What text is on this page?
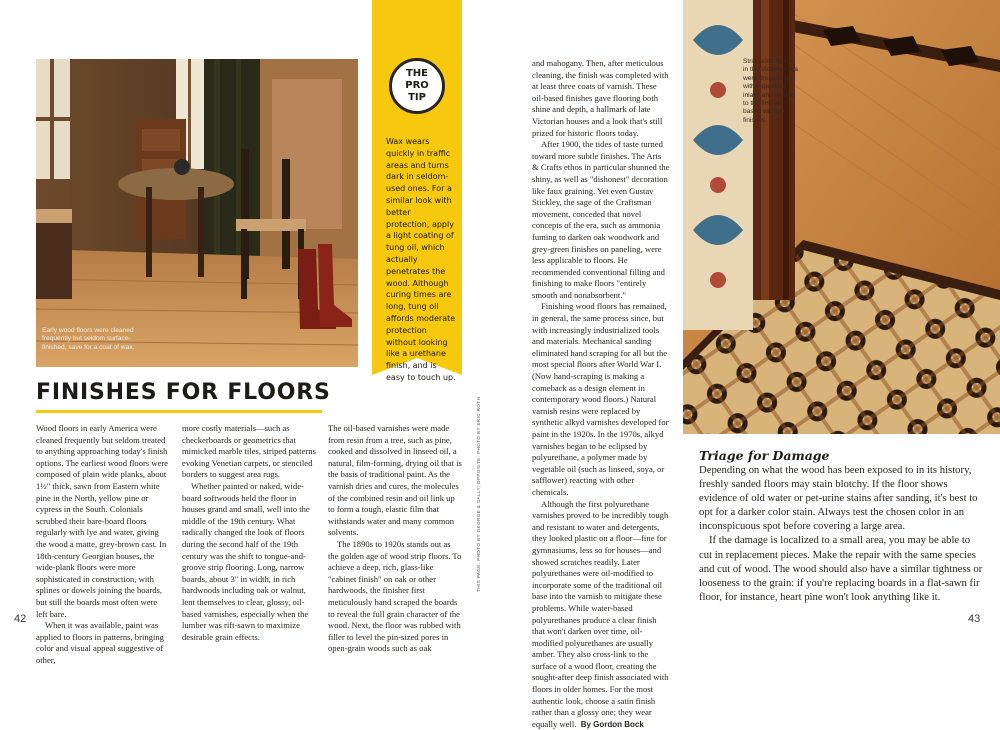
Early wood floors were cleaned frequently but seldom surface-finished, save for a coat of wax.
FINISHES FOR FLOORS

Wood floors in early America were cleaned frequently but seldom treated to anything approaching today's finish options. The earliest wood floors were composed of plain wide planks, about 1½" thick, sawn from Eastern white pine in the North, yellow pine or cypress in the South. Colonials scrubbed their bare-board floors regularly with lye and water, giving the wood a matte, grey-brown cast. In 18th-century Georgian houses, the wide-plank floors were more sophisticated in construction, with splines or dowels joining the boards, but still the boards most often were left bare.

When it was available, paint was applied to floors in patterns, bringing color and visual appeal suggestive of other,

more costly materials—such as checkerboards or geometrics that mimicked marble tiles, striped patterns evoking Venetian carpets, or stenciled borders to suggest area rugs.

Whether painted or naked, wide-board softwoods held the floor in houses grand and small, well into the middle of the 19th century. What radically changed the look of floors during the second half of the 19th century was the shift to tongue-and-groove strip flooring. Long, narrow boards, about 3" in width, in rich hardwoods including oak or walnut, lent themselves to clear, glossy, oil-based varnishes, especially when the lumber was rift-sawn to maximize desirable grain effects.

The oil-based varnishes were made from resin from a tree, such as pine, cooked and dissolved in linseed oil, a natural, film-forming, drying oil that is the basis of traditional paint. As the varnish dries and cures, the molecules of the combined resin and oil link up to form a tough, elastic film that withstands water and many common solvents.

The 1890s to 1920s stands out as the golden age of wood strip floors. To achieve a deep, rich, glass-like "cabinet finish" on oak or other hardwoods, the finisher first meticulously hand scraped the boards to reveal the full grain character of the wood. Next, the floor was rubbed with filler to level the pin-sized pores in open-grain woods such as oak

42
THE
PRO
TIP
Wax wears quickly in traffic areas and turns dark in seldom-used ones. For a similar look with better protection, apply a light coating of tung oil, which actually penetrates the wood. Although curing times are long, tung oil affords moderate protection without looking like a urethane finish, and is easy to touch up.
THIS PAGE: PHOTO BY GEORGE & SALLY; OPPOSITE: PHOTO BY ERIC ROTH

and mahogany. Then, after meticulous cleaning, the finish was completed with at least three coats of varnish. These oil-based finishes gave flooring both shine and depth, a hallmark of late Victorian houses and a look that's still prized for historic floors today.

After 1900, the tides of taste turned toward more subtle finishes. The Arts & Crafts ethos in particular shunned the shiny, as well as "dishonest" decoration like faux graining. Yet even Gustav Stickley, the sage of the Craftsman movement, conceded that novel concepts of the era, such as ammonia fuming to darken oak woodwork and grey-green finishes on paneling, were less applicable to floors. He recommended conventional filling and finishing to make floors "entirely smooth and nonabsorbent."

Finishing wood floors has remained, in general, the same process since, but with increasingly industrialized tools and materials. Mechanical sanding eliminated hand scraping for all but the most special floors after World War I. (Now hand-scraping is making a comeback as a design element in contemporary wood floors.) Natural varnish resins were replaced by synthetic alkyd varnishes developed for paint in the 1920s. In the 1970s, alkyd varnishes began to be eclipsed by polyurethane, a polymer made by vegetable oil (such as linseed, soya, or safflower) reacting with other chemicals.

Although the first polyurethane varnishes proved to be incredibly tough and resistant to water and detergents, they looked plastic on a floor—fine for gymnasiums, less so for houses—and showed scratches readily. Later polyurethanes were oil-modified to incorporate some of the traditional oil base into the varnish to mitigate these problems. While water-based polyurethanes produce a clear finish that won't darken over time, oil-modified polyurethanes are usually amber. They also cross-link to the surface of a wood floor, creating the sought-after deep finish associated with floors in older homes. For the most authentic look, choose a satin finish rather than a glossy one; they wear equally well. By Gordon Bock

Strip wood floors in the Victorian era were dressed up with expensive inlays and treated to the first oil-based varnish finishes.
Triage for Damage

Depending on what the wood has been exposed to in its history, freshly sanded floors may stain blotchy. If the floor shows evidence of old water or pet-urine stains after sanding, it's best to opt for a darker color stain. Always test the chosen color in an inconspicuous spot before covering a large area.

If the damage is localized to a small area, you may be able to cut in replacement pieces. Make the repair with the same species and cut of wood. The wood should also have a similar tightness or looseness to the grain: if you're replacing boards in a flat-sawn fir floor, for instance, heart pine won't look anything like it.

43
